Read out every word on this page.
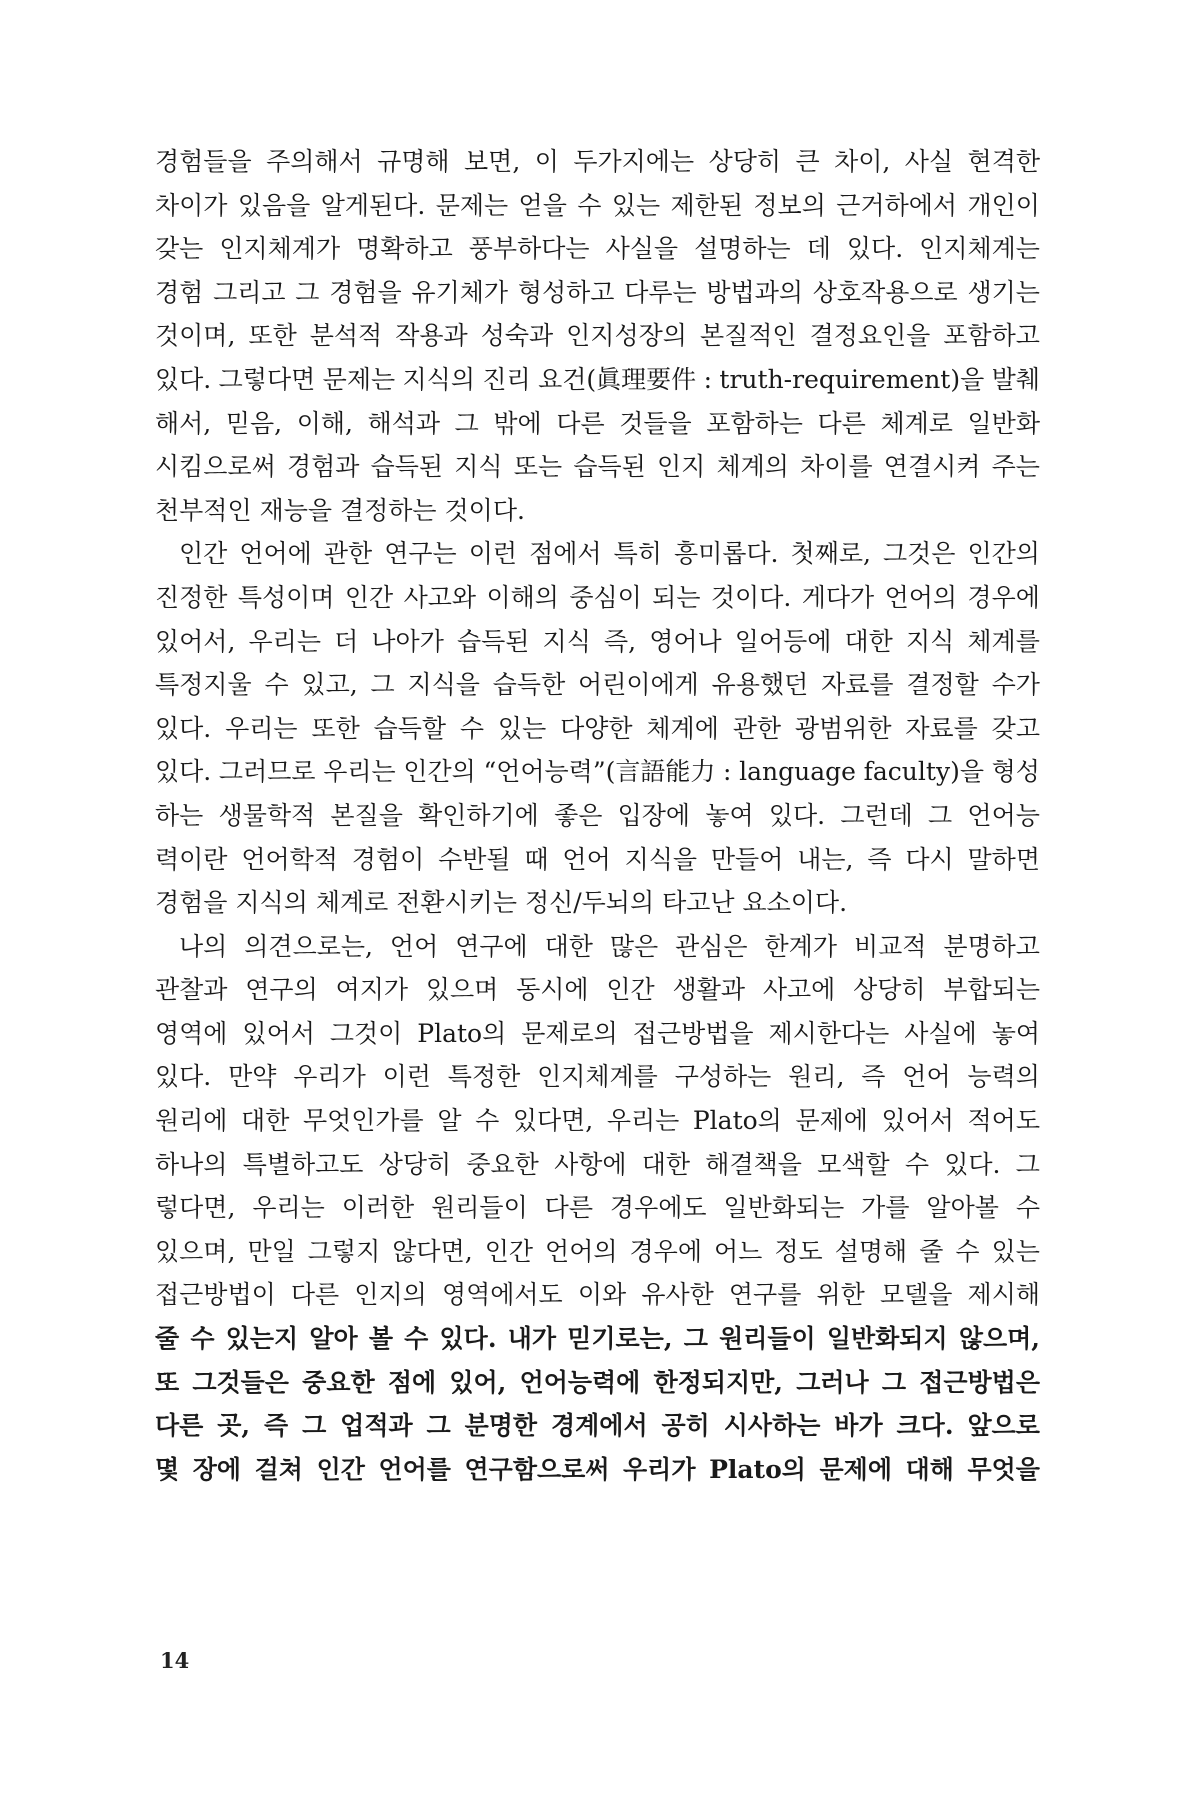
경험들을 주의해서 규명해 보면, 이 두가지에는 상당히 큰 차이, 사실 현격한
차이가 있음을 알게된다. 문제는 얻을 수 있는 제한된 정보의 근거하에서 개인이
갖는 인지체계가 명확하고 풍부하다는 사실을 설명하는 데 있다. 인지체계는
경험 그리고 그 경험을 유기체가 형성하고 다루는 방법과의 상호작용으로 생기는
것이며, 또한 분석적 작용과 성숙과 인지성장의 본질적인 결정요인을 포함하고
있다. 그렇다면 문제는 지식의 진리 요건(眞理要件 : truth-requirement)을 발췌
해서, 믿음, 이해, 해석과 그 밖에 다른 것들을 포함하는 다른 체계로 일반화
시킴으로써 경험과 습득된 지식 또는 습득된 인지 체계의 차이를 연결시켜 주는
천부적인
재능을
결정하는
것이다.
인간 언어에 관한 연구는 이런 점에서 특히 흥미롭다. 첫째로, 그것은 인간의
진정한 특성이며 인간 사고와 이해의 중심이 되는 것이다. 게다가 언어의 경우에
있어서, 우리는 더 나아가 습득된 지식 즉, 영어나 일어등에 대한 지식 체계를
특정지울 수 있고, 그 지식을 습득한 어린이에게 유용했던 자료를 결정할 수가
있다. 우리는 또한 습득할 수 있는 다양한 체계에 관한 광범위한 자료를 갖고
있다. 그러므로 우리는 인간의 “언어능력”(言語能力 : language faculty)을 형성
하는 생물학적 본질을 확인하기에 좋은 입장에 놓여 있다. 그런데 그 언어능
력이란 언어학적 경험이 수반될 때 언어 지식을 만들어 내는, 즉 다시 말하면
경험을
지식의
체계로
전환시키는
정신/두뇌의
타고난
요소이다.
나의 의견으로는, 언어 연구에 대한 많은 관심은 한계가 비교적 분명하고
관찰과 연구의 여지가 있으며 동시에 인간 생활과 사고에 상당히 부합되는
영역에 있어서 그것이 Plato의 문제로의 접근방법을 제시한다는 사실에 놓여
있다. 만약 우리가 이런 특정한 인지체계를 구성하는 원리, 즉 언어 능력의
원리에 대한 무엇인가를 알 수 있다면, 우리는 Plato의 문제에 있어서 적어도
하나의 특별하고도 상당히 중요한 사항에 대한 해결책을 모색할 수 있다. 그
렇다면, 우리는 이러한 원리들이 다른 경우에도 일반화되는 가를 알아볼 수
있으며, 만일 그렇지 않다면, 인간 언어의 경우에 어느 정도 설명해 줄 수 있는
접근방법이 다른 인지의 영역에서도 이와 유사한 연구를 위한 모델을 제시해
줄 수 있는지 알아 볼 수 있다. 내가 믿기로는, 그 원리들이 일반화되지 않으며,
또 그것들은 중요한 점에 있어, 언어능력에 한정되지만, 그러나 그 접근방법은
다른 곳, 즉 그 업적과 그 분명한 경계에서 공히 시사하는 바가 크다. 앞으로
몇 장에 걸쳐 인간 언어를 연구함으로써 우리가 Plato의 문제에 대해 무엇을
14
